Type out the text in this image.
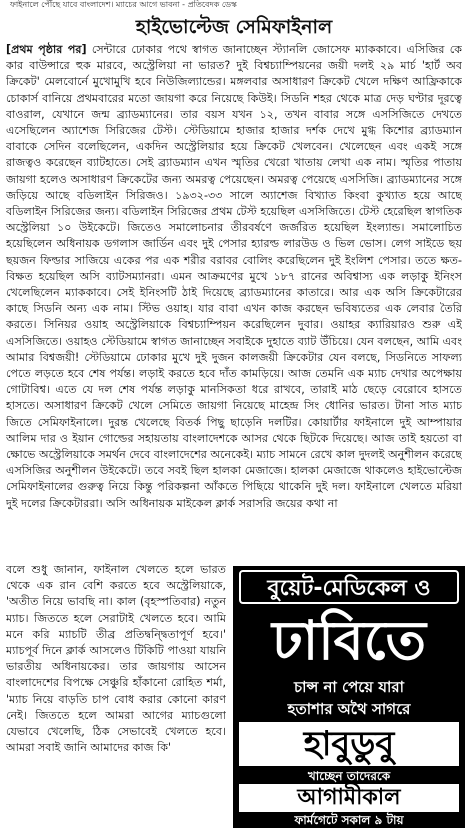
ফাইনালে পৌঁছে যাবে বাংলাদেশ। ম্যাচের আগে ভাবনা - প্রতিবেদক ডেস্ক
হাইভোল্টেজ সেমিফাইনাল
[প্রথম পৃষ্ঠার পর] সেন্টারে ঢোকার পথে স্বাগত জানাচ্ছেন স্ট্যানলি জোসেফ ম্যাককাবে। এসিজির কে কার বাউন্সারে হুক মারবে, অস্ট্রেলিয়া না ভারত? দুই বিশ্বচ্যাম্পিয়নের জয়ী দলই ২৯ মার্চ 'হার্ট অব ক্রিকেট' মেলবোর্নে মুখোমুখি হবে নিউজিল্যান্ডের। মঙ্গলবার অসাধারণ ক্রিকেট খেলে দক্ষিণ আফ্রিকাকে চোকার্স বানিয়ে প্রথমবারের মতো জায়গা করে নিয়েছে কিউই। সিডনি শহর থেকে মাত্র দেড় ঘণ্টার দূরত্বে বাওরাল, যেখানে জন্ম ব্র্যাডম্যানের। তার বয়স যখন ১২, তখন বাবার সঙ্গে এসসিজিতে দেখতে এসেছিলেন অ্যাশেজ সিরিজের টেস্ট। স্টেডিয়ামে হাজার হাজার দর্শক দেখে মুগ্ধ কিশোর ব্র্যাডম্যান বাবাকে সেদিন বলেছিলেন, একদিন অস্ট্রেলিয়ার হয়ে ক্রিকেট খেলবেন। খেলেছেন এবং একই সঙ্গে রাজত্বও করেছেন ব্যাটহাতে। সেই ব্র্যাডম্যান এখন স্মৃতির খেরো খাতায় লেখা এক নাম। স্মৃতির পাতায় জায়গা হলেও অসাধারণ ক্রিকেটের জন্য অমরত্ব পেয়েছেন। অমরত্ব পেয়েছে এসসিজি। ব্র্যাডম্যানের সঙ্গে জড়িয়ে আছে বডিলাইন সিরিজও। ১৯৩২-৩৩ সালে অ্যাশেজ বিখ্যাত কিংবা কুখ্যাত হয়ে আছে বডিলাইন সিরিজের জন্য। বডিলাইন সিরিজের প্রথম টেস্ট হয়েছিল এসসিজিতে। টেস্ট হেরেছিল স্বাগতিক অস্ট্রেলিয়া ১০ উইকেটে। জিতেও সমালোচনার তীরবর্ষণে জর্জরিত হয়েছিল ইংল্যান্ড। সমালোচিত হয়েছিলেন অধিনায়ক ডগলাস জার্ডিন এবং দুই পেসার হ্যারল্ড লারউড ও ভিল ভোস। লেগ সাইডে ছয় ছয়জন ফিল্ডার সাজিয়ে একের পর এক শরীর বরাবর বোলিং করেছিলেন দুই ইংলিশ পেসার। ততে ক্ষত-বিক্ষত হয়েছিল অসি ব্যাটসম্যানরা। এমন আক্রমণের মুখে ১৮৭ রানের অবিশ্বাস্য এক লড়াকু ইনিংস খেলেছিলেন ম্যাককাবে। সেই ইনিংসটি ঠাই দিয়েছে ব্র্যাডম্যানের কাতারে। আর এক অসি ক্রিকেটারের কাছে সিডনি অন্য এক নাম। স্টিভ ওয়াহ। যার বাবা এখন কাজ করছেন ভবিষ্যতের এক লেবার তৈরি করতে। সিনিয়র ওয়াহ অস্ট্রেলিয়াকে বিশ্বচ্যাম্পিয়ন করেছিলেন দুবার। ওয়াহর ক্যারিয়ারও শুরু এই এসসিজিতে। ওয়াহও স্টেডিয়ামে স্বাগত জানাচ্ছেন সবাইকে দুহাতে ব্যাট উঁচিয়ে। যেন বলছেন, আমি এবং আমার বিশ্বজয়ী! স্টেডিয়ামে ঢোকার মুখে দুই দুজন কালজয়ী ক্রিকেটার যেন বলছে, সিডনিতে সাফল্য পেতে লড়তে হবে শেষ পর্যন্ত। লড়াই করতে হবে দাঁত কামড়িয়ে। আজ তেমনি এক ম্যাচ দেখার অপেক্ষায় গোটাবিশ্ব। এতে যে দল শেষ পর্যন্ত লড়াকু মানসিকতা ধরে রাখবে, তারাই মাঠ ছেড়ে বেরোবে হাসতে হাসতে। অসাধারণ ক্রিকেট খেলে সেমিতে জায়গা নিয়েছে মাহেন্দ্র সিং ধোনির ভারত। টানা সাত ম্যাচ জিতে সেমিফাইনালে। দুরন্ত খেলেছে বিতর্ক পিছু ছাড়েনি দলটির। কোয়ার্টার ফাইনালে দুই আম্পায়ার আলিম দার ও ইয়ান গোল্ডের সহায়তায় বাংলাদেশকে আসর থেকে ছিটকে দিয়েছে। আজ তাই হয়তো বা ক্ষোভে অস্ট্রেলিয়াকে সমর্থন দেবে বাংলাদেশের অনেকেই। ম্যাচ সামনে রেখে কাল দুদলই অনুশীলন করেছে এসসিজির অনুশীলন উইকেটে। তবে সবই ছিল হালকা মেজাজে। হালকা মেজাজে থাকলেও হাইভোল্টেজ সেমিফাইনালের গুরুত্ব নিয়ে কিন্তু পরিকল্পনা আঁকতে পিছিয়ে থাকেনি দুই দল। ফাইনালে খেলতে মরিয়া দুই দলের ক্রিকেটাররা। অসি অধিনায়ক মাইকেল ক্লার্ক সরাসরি জয়ের কথা না
বলে শুধু জানান, ফাইনাল খেলতে হলে ভারত থেকে এক রান বেশি করতে হবে অস্ট্রেলিয়াকে, 'অতীত নিয়ে ভাবছি না। কাল (বৃহস্পতিবার) নতুন ম্যাচ। জিততে হলে সেরাটাই খেলতে হবে। আমি মনে করি ম্যাচটি তীব্র প্রতিদ্বন্দ্বিতাপূর্ণ হবে।' ম্যাচপূর্ব দিনে ক্লার্ক আসলেও টিকিটি পাওয়া যায়নি ভারতীয় অধিনায়কের। তার জায়গায় আসেন বাংলাদেশের বিপক্ষে সেঞ্চুরি হাঁকানো রোহিত শর্মা, 'ম্যাচ নিয়ে বাড়তি চাপ বোধ করার কোনো কারণ নেই। জিততে হলে আমরা আগের ম্যাচগুলো যেভাবে খেলেছি, ঠিক সেভাবেই খেলতে হবে। আমরা সবাই জানি আমাদের কাজ কি'
বুয়েট-মেডিকেল ও
ঢাবিতে
চান্স না পেয়ে যারা
হতাশার অথৈ সাগরে
হাবুডুবু
খাচ্ছেন তাদেরকে
আগামীকাল
ফার্মগেটে সকাল ৯ টায়
